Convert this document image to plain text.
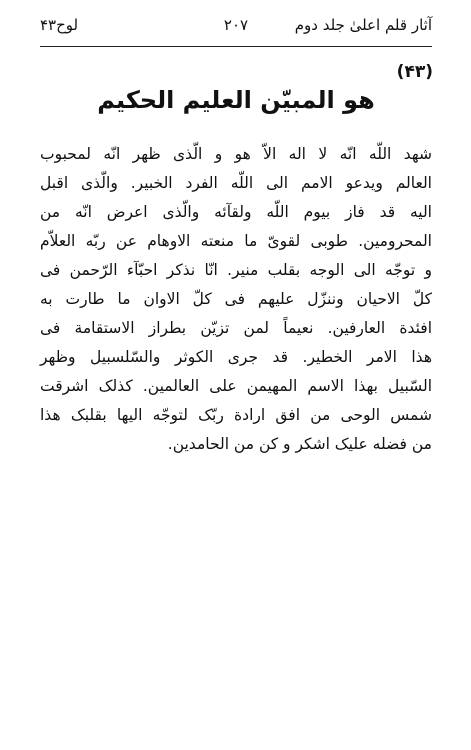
آثار قلم اعلیٰ جلد دوم
۲۰۷
لوح۴۳
(۴۳)
هو المبیّن العلیم الحکیم
شهد اللّه انّه لا اله الاّ هو و الّذی ظهر انّه لمحبوب
العالم ویدعو الامم الی اللّه الفرد الخبیر. والّذی اقبل
الیه قد فاز بیوم اللّه ولقآئه والّذی اعرض انّه من
المحرومین. طوبی لقویّ ما منعته الاوهام عن ربّه العلاّم
و توجّه الی الوجه بقلب منیر. انّا نذکر احبّآء الرّحمن فی
کلّ الاحیان وننزّل علیهم فی کلّ الاوان ما طارت به
افئدة العارفین. نعیماً لمن تزیّن بطراز الاستقامة فی
هذا الامر الخطیر. قد جری الکوثر والسّلسبیل وظهر
السّبیل بهذا الاسم المهیمن علی العالمین. کذلک اشرقت
شمس الوحی من افق ارادة ربّک لتوجّه الیها بقلبک هذا
من فضله علیک اشکر و کن من الحامدین.
